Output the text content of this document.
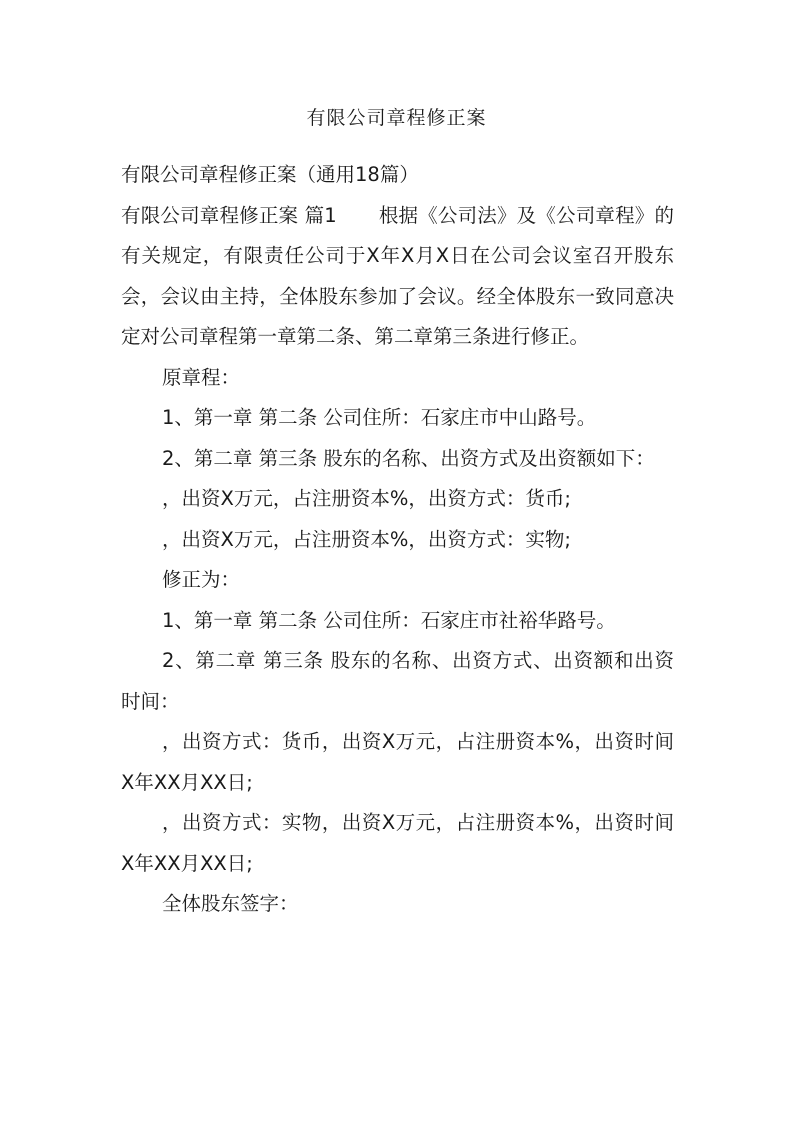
有限公司章程修正案

有限公司章程修正案（通用18篇）

有限公司章程修正案 篇1 根据《公司法》及《公司章程》的有关规定，有限责任公司于X年X月X日在公司会议室召开股东会，会议由主持，全体股东参加了会议。经全体股东一致同意决定对公司章程第一章第二条、第二章第三条进行修正。

原章程：

1、第一章 第二条 公司住所：石家庄市中山路号。

2、第二章 第三条 股东的名称、出资方式及出资额如下：

，出资X万元，占注册资本%，出资方式：货币;

，出资X万元，占注册资本%，出资方式：实物;

修正为：

1、第一章 第二条 公司住所：石家庄市社裕华路号。

2、第二章 第三条 股东的名称、出资方式、出资额和出资时间：

，出资方式：货币，出资X万元，占注册资本%，出资时间X年XX月XX日;

，出资方式：实物，出资X万元，占注册资本%，出资时间X年XX月XX日;

全体股东签字：
